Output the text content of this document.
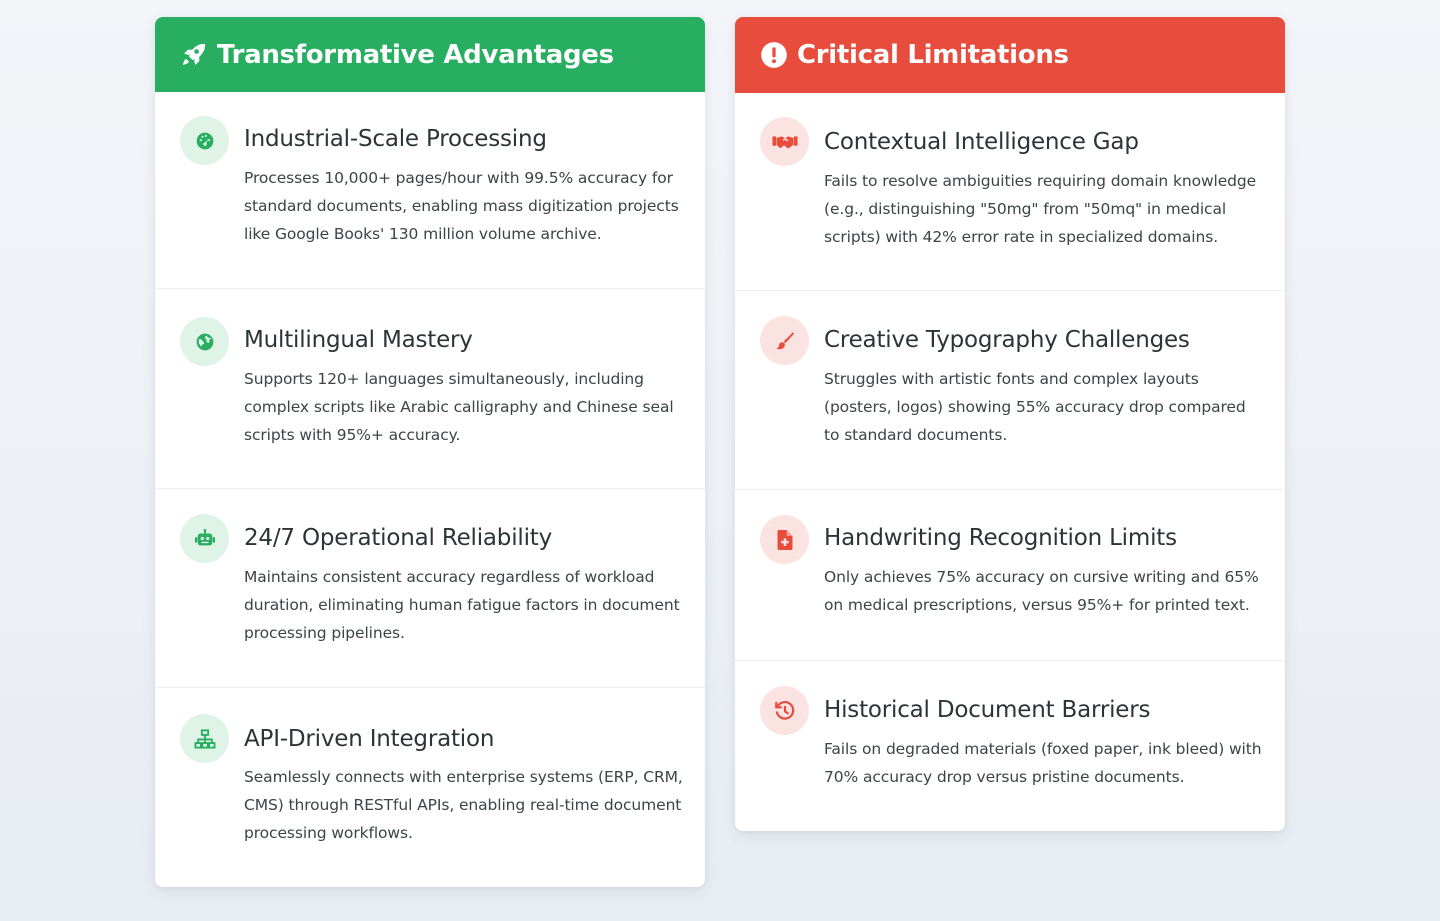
Transformative Advantages
Industrial-Scale Processing
Processes 10,000+ pages/hour with 99.5% accuracy for standard documents, enabling mass digitization projects like Google Books' 130 million volume archive.
Multilingual Mastery
Supports 120+ languages simultaneously, including complex scripts like Arabic calligraphy and Chinese seal scripts with 95%+ accuracy.
24/7 Operational Reliability
Maintains consistent accuracy regardless of workload duration, eliminating human fatigue factors in document processing pipelines.
API-Driven Integration
Seamlessly connects with enterprise systems (ERP, CRM, CMS) through RESTful APIs, enabling real-time document processing workflows.
Critical Limitations
Contextual Intelligence Gap
Fails to resolve ambiguities requiring domain knowledge (e.g., distinguishing "50mg" from "50mq" in medical scripts) with 42% error rate in specialized domains.
Creative Typography Challenges
Struggles with artistic fonts and complex layouts (posters, logos) showing 55% accuracy drop compared to standard documents.
Handwriting Recognition Limits
Only achieves 75% accuracy on cursive writing and 65% on medical prescriptions, versus 95%+ for printed text.
Historical Document Barriers
Fails on degraded materials (foxed paper, ink bleed) with 70% accuracy drop versus pristine documents.
